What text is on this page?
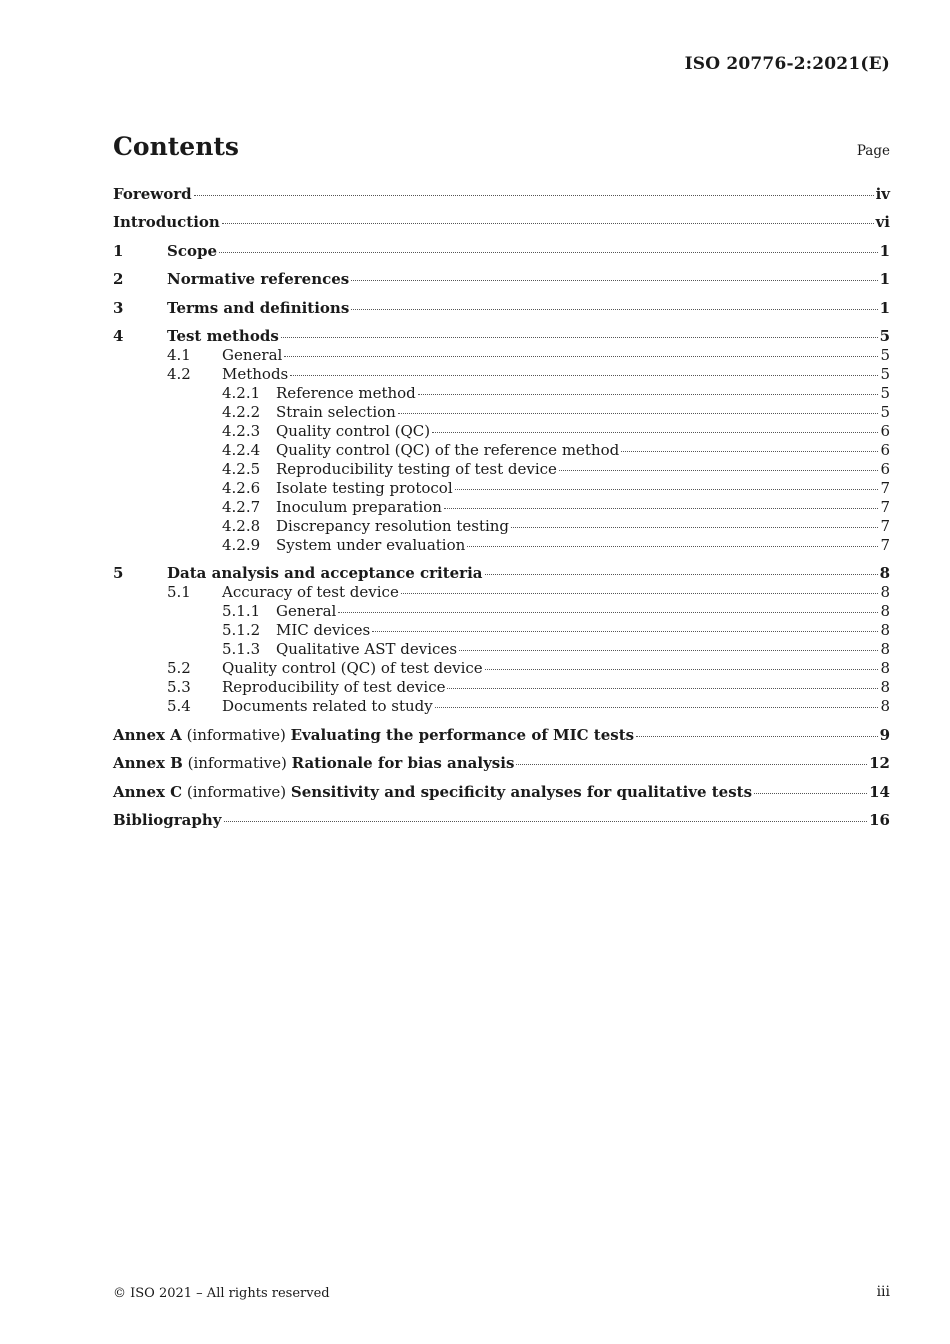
ISO 20776-2:2021(E)
Contents	Page
Foreword	iv
Introduction	vi
1	Scope	1
2	Normative references	1
3	Terms and definitions	1
4	Test methods	5
4.1	General	5
4.2	Methods	5
4.2.1	Reference method	5
4.2.2	Strain selection	5
4.2.3	Quality control (QC)	6
4.2.4	Quality control (QC) of the reference method	6
4.2.5	Reproducibility testing of test device	6
4.2.6	Isolate testing protocol	7
4.2.7	Inoculum preparation	7
4.2.8	Discrepancy resolution testing	7
4.2.9	System under evaluation	7
5	Data analysis and acceptance criteria	8
5.1	Accuracy of test device	8
5.1.1	General	8
5.1.2	MIC devices	8
5.1.3	Qualitative AST devices	8
5.2	Quality control (QC) of test device	8
5.3	Reproducibility of test device	8
5.4	Documents related to study	8
Annex A (informative) Evaluating the performance of MIC tests	9
Annex B (informative) Rationale for bias analysis	12
Annex C (informative) Sensitivity and specificity analyses for qualitative tests	14
Bibliography	16
© ISO 2021 – All rights reserved	iii
